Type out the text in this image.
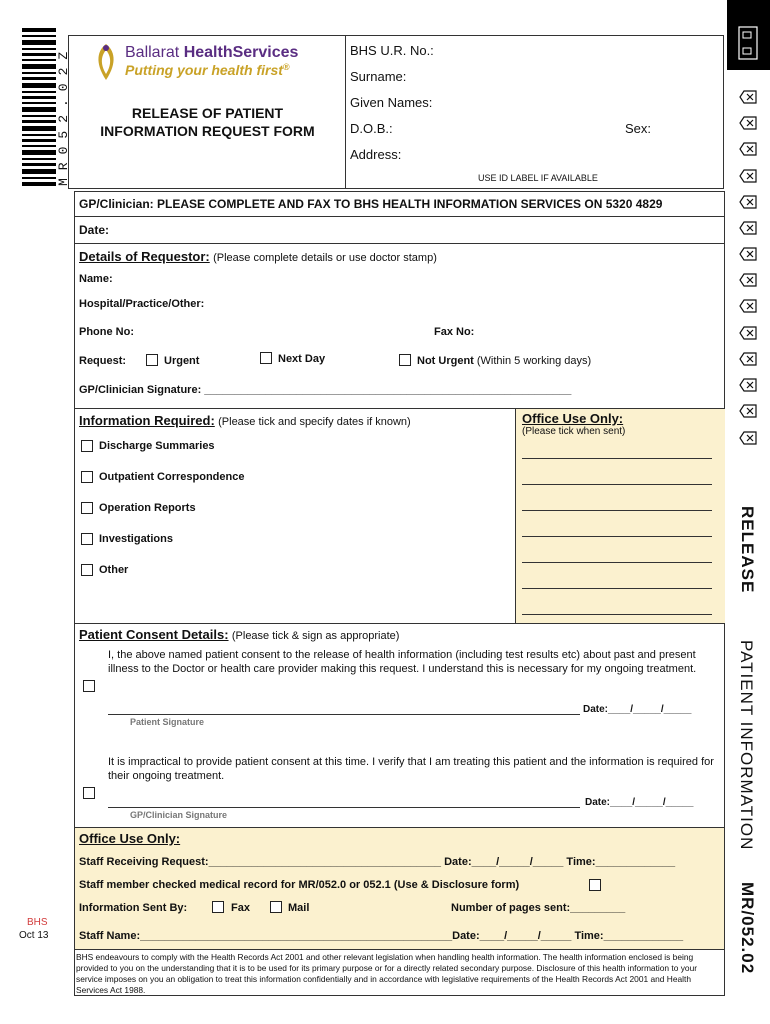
MR052.02Z	Ballarat HealthServices
Putting your health first®
RELEASE OF PATIENT
INFORMATION REQUEST FORM
BHS U.R. No.:
Surname:
Given Names:
D.O.B.:	Sex:
Address:
USE ID LABEL IF AVAILABLE
GP/Clinician: PLEASE COMPLETE AND FAX TO BHS HEALTH INFORMATION SERVICES ON 5320 4829
Date:
Details of Requestor: (Please complete details or use doctor stamp)
Name:
Hospital/Practice/Other:
Phone No:	Fax No:
Request:	Urgent	Next Day	Not Urgent (Within 5 working days)
GP/Clinician Signature: ____________________________________________________________
Information Required: (Please tick and specify dates if known)	Office Use Only:
(Please tick when sent)
Discharge Summaries
Outpatient Correspondence
Operation Reports
Investigations
Other
Patient Consent Details: (Please tick & sign as appropriate)
I, the above named patient consent to the release of health information (including test results etc) about past and present illness to the Doctor or health care provider making this request. I understand this is necessary for my ongoing treatment.
Date:____/_____/_____
Patient Signature
It is impractical to provide patient consent at this time. I verify that I am treating this patient and the information is required for their ongoing treatment.
Date:____/_____/_____
GP/Clinician Signature
Office Use Only:
Staff Receiving Request:______________________________________ Date:____/_____/_____ Time:_____________
Staff member checked medical record for MR/052.0 or 052.1 (Use & Disclosure form)
Information Sent By:	Fax	Mail	Number of pages sent:_________
Staff Name:___________________________________________________Date:____/_____/_____ Time:_____________
BHS endeavours to comply with the Health Records Act 2001 and other relevant legislation when handling health information. The health information enclosed is being provided to you on the understanding that it is to be used for its primary purpose or for a directly related secondary purpose. Disclosure of this health information to your service imposes on you an obligation to treat this information confidentially and in accordance with legislative requirements of the Health Records Act 2001 and Health Services Act 1988.
BHS
Oct 13
RELEASE
PATIENT INFORMATION
MR/052.02
